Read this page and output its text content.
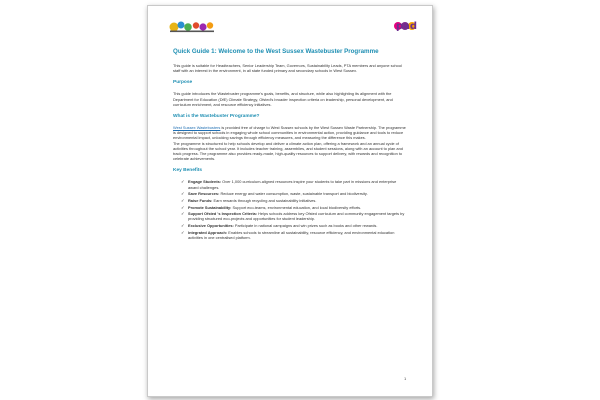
pad
Quick Guide 1: Welcome to the West Sussex Wastebuster Programme

This guide is suitable for Headteachers, Senior Leadership Team, Governors, Sustainability Leads, PTA members and anyone school staff with an interest in the environment, in all state funded primary and secondary schools in West Sussex.

Purpose

This guide introduces the Wastebuster programme's goals, benefits, and structure, while also highlighting its alignment with the Department for Education (DfE) Climate Strategy, Ofsted's broader inspection criteria on leadership, personal development, and curriculum enrichment, and resource efficiency initiatives.

What is the Wastebuster Programme?

West Sussex Wastebusters is provided free of charge to West Sussex schools by the West Sussex Waste Partnership. The programme is designed to support schools in engaging whole school communities in environmental action, providing guidance and tools to reduce environmental impact, unlocking savings through efficiency measures, and measuring the difference this makes.

The programme is structured to help schools develop and deliver a climate action plan, offering a framework and an annual cycle of activities throughout the school year. It includes teacher training, assemblies, and student sessions, along with an account to plan and track progress. The programme also provides ready-made, high-quality resources to support delivery, with rewards and recognition to celebrate achievements.

Key Benefits
✓ Engage Students: Over 1,000 curriculum-aligned resources inspire your students to take part in missions and enterprise award challenges.
✓ Save Resources: Reduce energy and water consumption, waste, sustainable transport and biodiversity.
✓ Raise Funds: Earn rewards through recycling and sustainability initiatives.
✓ Promote Sustainability: Support eco-teams, environmental education, and local biodiversity efforts.
✓ Support Ofsted 's Inspection Criteria: Helps schools address key Ofsted curriculum and community engagement targets by providing structured eco-projects and opportunities for student leadership.
✓ Exclusive Opportunities: Participate in national campaigns and win prizes such as books and other rewards.
✓ Integrated Approach: Enables schools to streamline all sustainability, resource efficiency, and environmental education activities in one centralised platform.
1
